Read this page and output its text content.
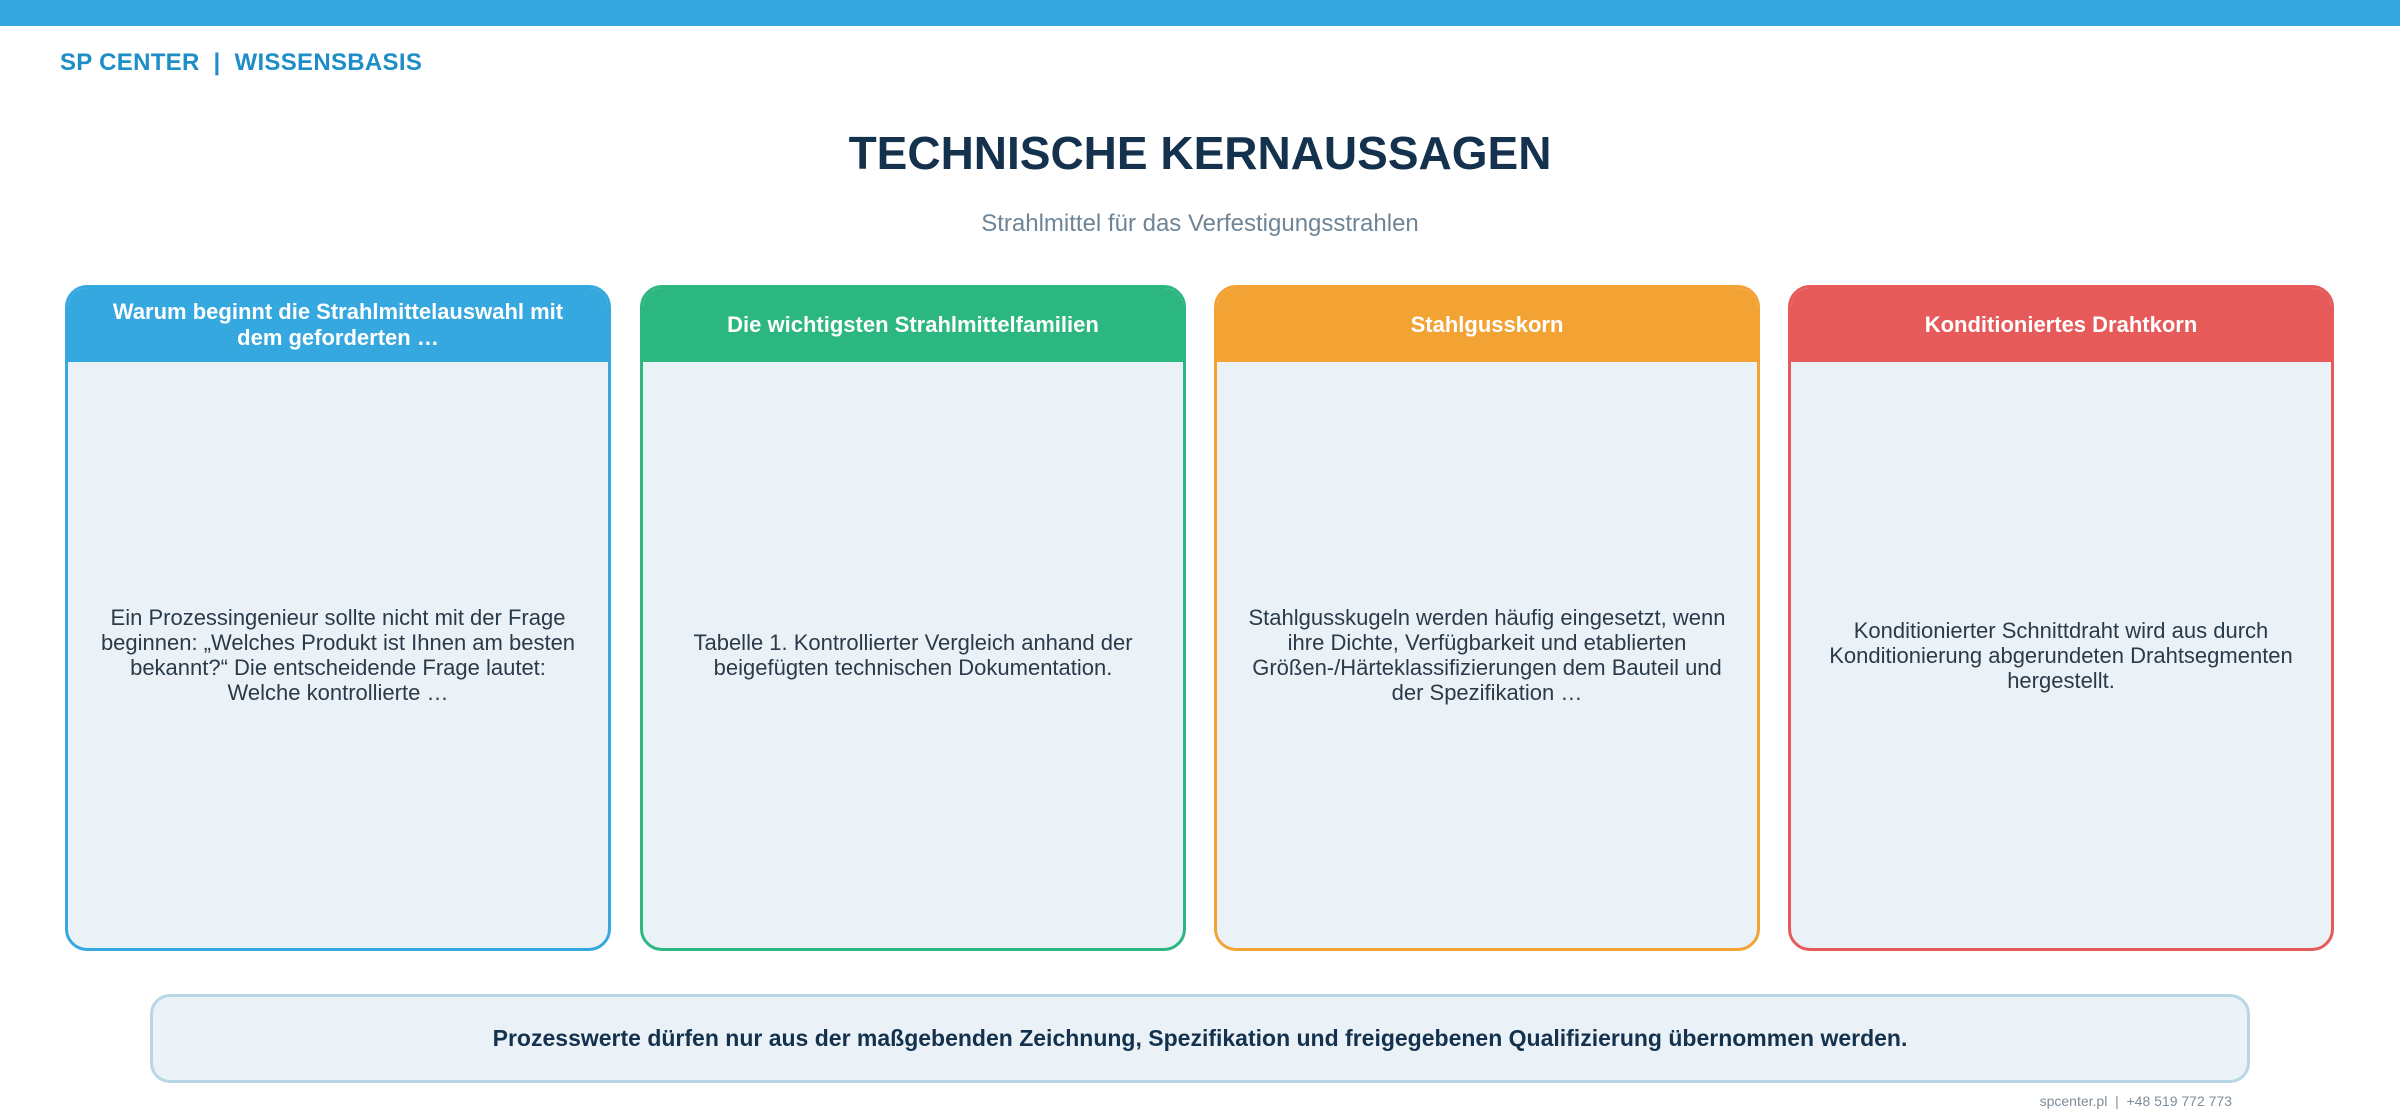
SP CENTER  |  WISSENSBASIS
TECHNISCHE KERNAUSSAGEN
Strahlmittel für das Verfestigungsstrahlen
Warum beginnt die Strahlmittelauswahl mit dem geforderten …
Ein Prozessingenieur sollte nicht mit der Frage beginnen: „Welches Produkt ist Ihnen am besten bekannt?“ Die entscheidende Frage lautet: Welche kontrollierte …
Die wichtigsten Strahlmittelfamilien
Tabelle 1. Kontrollierter Vergleich anhand der beigefügten technischen Dokumentation.
Stahlgusskorn
Stahlgusskugeln werden häufig eingesetzt, wenn ihre Dichte, Verfügbarkeit und etablierten Größen-/Härteklassifizierungen dem Bauteil und der Spezifikation …
Konditioniertes Drahtkorn
Konditionierter Schnittdraht wird aus durch Konditionierung abgerundeten Drahtsegmenten hergestellt.
Prozesswerte dürfen nur aus der maßgebenden Zeichnung, Spezifikation und freigegebenen Qualifizierung übernommen werden.
spcenter.pl  |  +48 519 772 773
